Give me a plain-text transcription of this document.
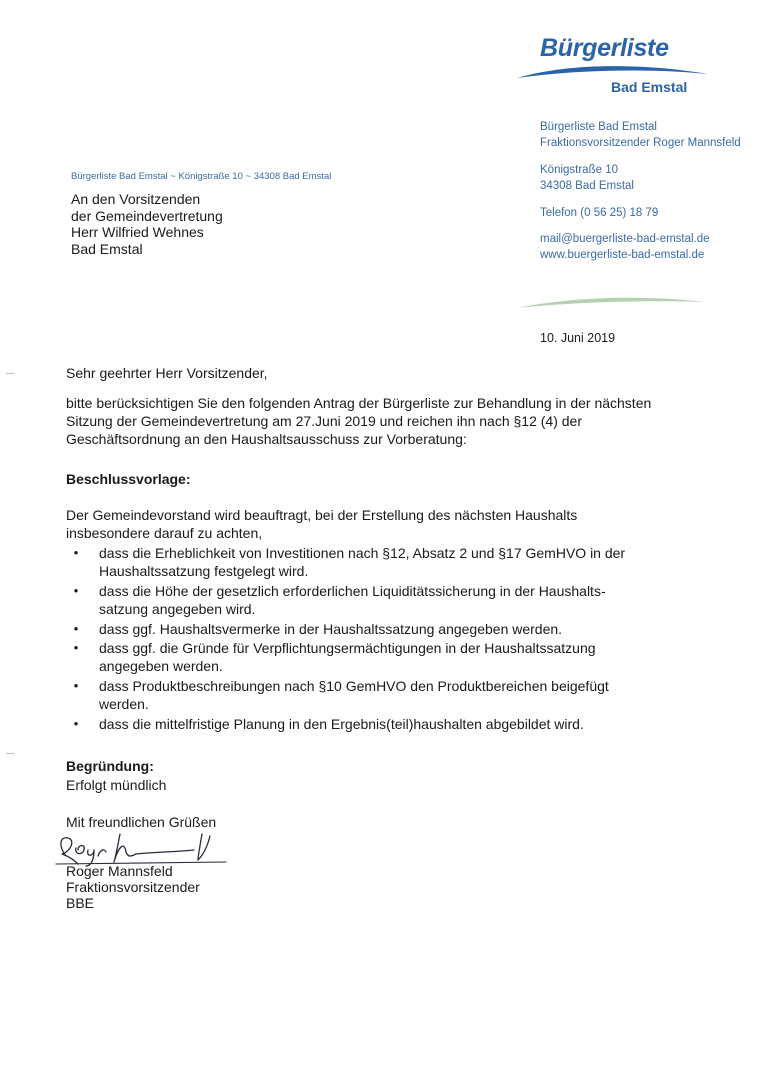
Bürgerliste
Bad Emstal
Bürgerliste Bad Emstal
Fraktionsvorsitzender Roger Mannsfeld
Königstraße 10
34308 Bad Emstal
Telefon (0 56 25) 18 79
mail@buergerliste-bad-emstal.de
www.buergerliste-bad-emstal.de
Bürgerliste Bad Emstal ~ Königstraße 10 ~ 34308 Bad Emstal
An den Vorsitzenden
der Gemeindevertretung
Herr Wilfried Wehnes
Bad Emstal
10. Juni 2019
Sehr geehrter Herr Vorsitzender,
bitte berücksichtigen Sie den folgenden Antrag der Bürgerliste zur Behandlung in der nächsten
Sitzung der Gemeindevertretung am 27.Juni 2019 und reichen ihn nach §12 (4) der
Geschäftsordnung an den Haushaltsausschuss zur Vorberatung:
Beschlussvorlage:
Der Gemeindevorstand wird beauftragt, bei der Erstellung des nächsten Haushalts
insbesondere darauf zu achten,
•	dass die Erheblichkeit von Investitionen nach §12, Absatz 2 und §17 GemHVO in der
Haushaltssatzung festgelegt wird.
•	dass die Höhe der gesetzlich erforderlichen Liquiditätssicherung in der Haushalts-
satzung angegeben wird.
•	dass ggf. Haushaltsvermerke in der Haushaltssatzung angegeben werden.
•	dass ggf. die Gründe für Verpflichtungsermächtigungen in der Haushaltssatzung
angegeben werden.
•	dass Produktbeschreibungen nach §10 GemHVO den Produktbereichen beigefügt
werden.
•	dass die mittelfristige Planung in den Ergebnis(teil)haushalten abgebildet wird.
Begründung:
Erfolgt mündlich
Mit freundlichen Grüßen
Roger Mannsfeld
Fraktionsvorsitzender
BBE
